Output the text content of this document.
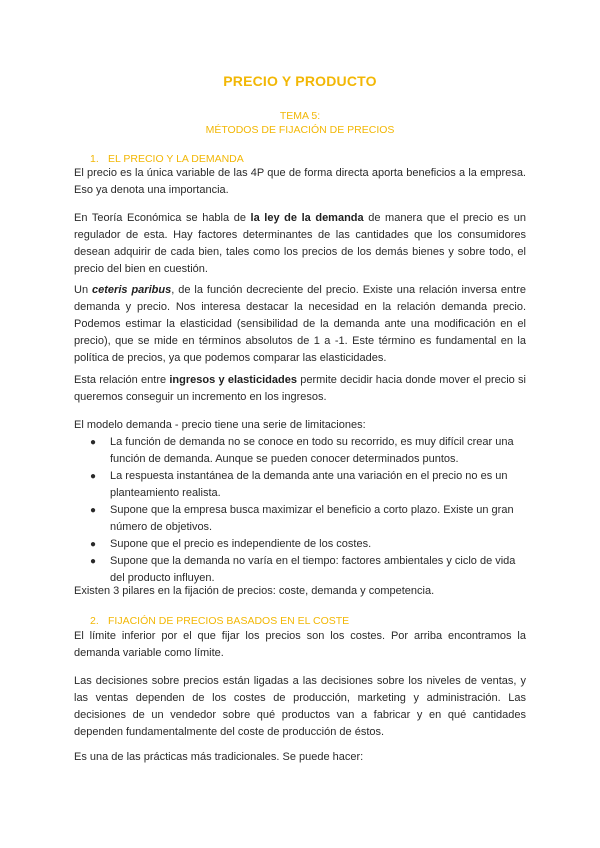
PRECIO Y PRODUCTO
TEMA 5:
MÉTODOS DE FIJACIÓN DE PRECIOS
1. EL PRECIO Y LA DEMANDA

El precio es la única variable de las 4P que de forma directa aporta beneficios a la empresa. Eso ya denota una importancia.

En Teoría Económica se habla de la ley de la demanda de manera que el precio es un regulador de esta. Hay factores determinantes de las cantidades que los consumidores desean adquirir de cada bien, tales como los precios de los demás bienes y sobre todo, el precio del bien en cuestión.

Un ceteris paribus, de la función decreciente del precio. Existe una relación inversa entre demanda y precio. Nos interesa destacar la necesidad en la relación demanda precio. Podemos estimar la elasticidad (sensibilidad de la demanda ante una modificación en el precio), que se mide en términos absolutos de 1 a -1. Este término es fundamental en la política de precios, ya que podemos comparar las elasticidades.

Esta relación entre ingresos y elasticidades permite decidir hacia donde mover el precio si queremos conseguir un incremento en los ingresos.

El modelo demanda - precio tiene una serie de limitaciones:

● La función de demanda no se conoce en todo su recorrido, es muy difícil crear una función de demanda. Aunque se pueden conocer determinados puntos.
● La respuesta instantánea de la demanda ante una variación en el precio no es un planteamiento realista.
● Supone que la empresa busca maximizar el beneficio a corto plazo. Existe un gran número de objetivos.
● Supone que el precio es independiente de los costes.
● Supone que la demanda no varía en el tiempo: factores ambientales y ciclo de vida del producto influyen.

Existen 3 pilares en la fijación de precios: coste, demanda y competencia.

2. FIJACIÓN DE PRECIOS BASADOS EN EL COSTE

El límite inferior por el que fijar los precios son los costes. Por arriba encontramos la demanda variable como límite.

Las decisiones sobre precios están ligadas a las decisiones sobre los niveles de ventas, y las ventas dependen de los costes de producción, marketing y administración. Las decisiones de un vendedor sobre qué productos van a fabricar y en qué cantidades dependen fundamentalmente del coste de producción de éstos.

Es una de las prácticas más tradicionales. Se puede hacer:
